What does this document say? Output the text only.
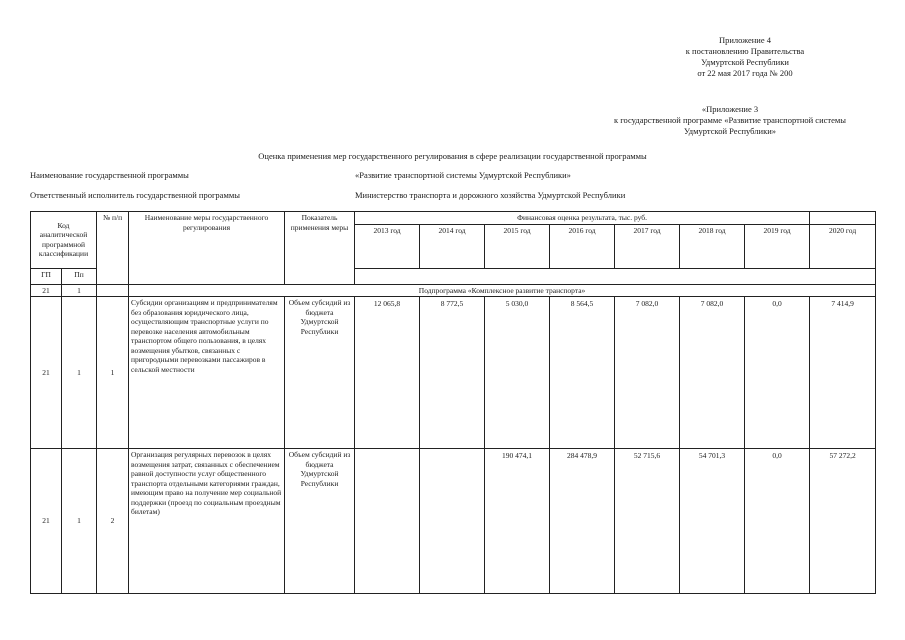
Приложение 4
к постановлению Правительства
Удмуртской Республики
от 22 мая 2017 года № 200
«Приложение 3
к государственной программе «Развитие транспортной системы
Удмуртской Республики»
Оценка применения мер государственного регулирования в сфере реализации государственной программы
Наименование государственной программы	«Развитие транспортной системы Удмуртской Республики»
Ответственный исполнитель государственной программы	Министерство транспорта и дорожного хозяйства Удмуртской Республики
Код аналитической программной классификации		№ п/п	Наименование меры государственного регулирования	Показатель применения меры	Финансовая оценка результата, тыс. руб.							
					2013 год	2014 год	2015 год	2016 год	2017 год	2018 год	2019 год	2020 год
ГП	Пп											
21	1		Подпрограмма «Комплексное развитие транспорта»									
21	1	1	Субсидии организациям и предпринимателям без образования юридического лица, осуществляющим транспортные услуги по перевозке населения автомобильным транспортом общего пользования, в целях возмещения убытков, связанных с пригородными перевозками пассажиров в сельской местности	Объем субсидий из бюджета Удмуртской Республики	12 065,8	8 772,5	5 030,0	8 564,5	7 082,0	7 082,0	0,0	7 414,9
21	1	2	Организация регулярных перевозок в целях возмещения затрат, связанных с обеспечением равной доступности услуг общественного транспорта отдельными категориями граждан, имеющим право на получение мер социальной поддержки (проезд по социальным проездным билетам)	Объем субсидий из бюджета Удмуртской Республики			190 474,1	284 478,9	52 715,6	54 701,3	0,0	57 272,2
